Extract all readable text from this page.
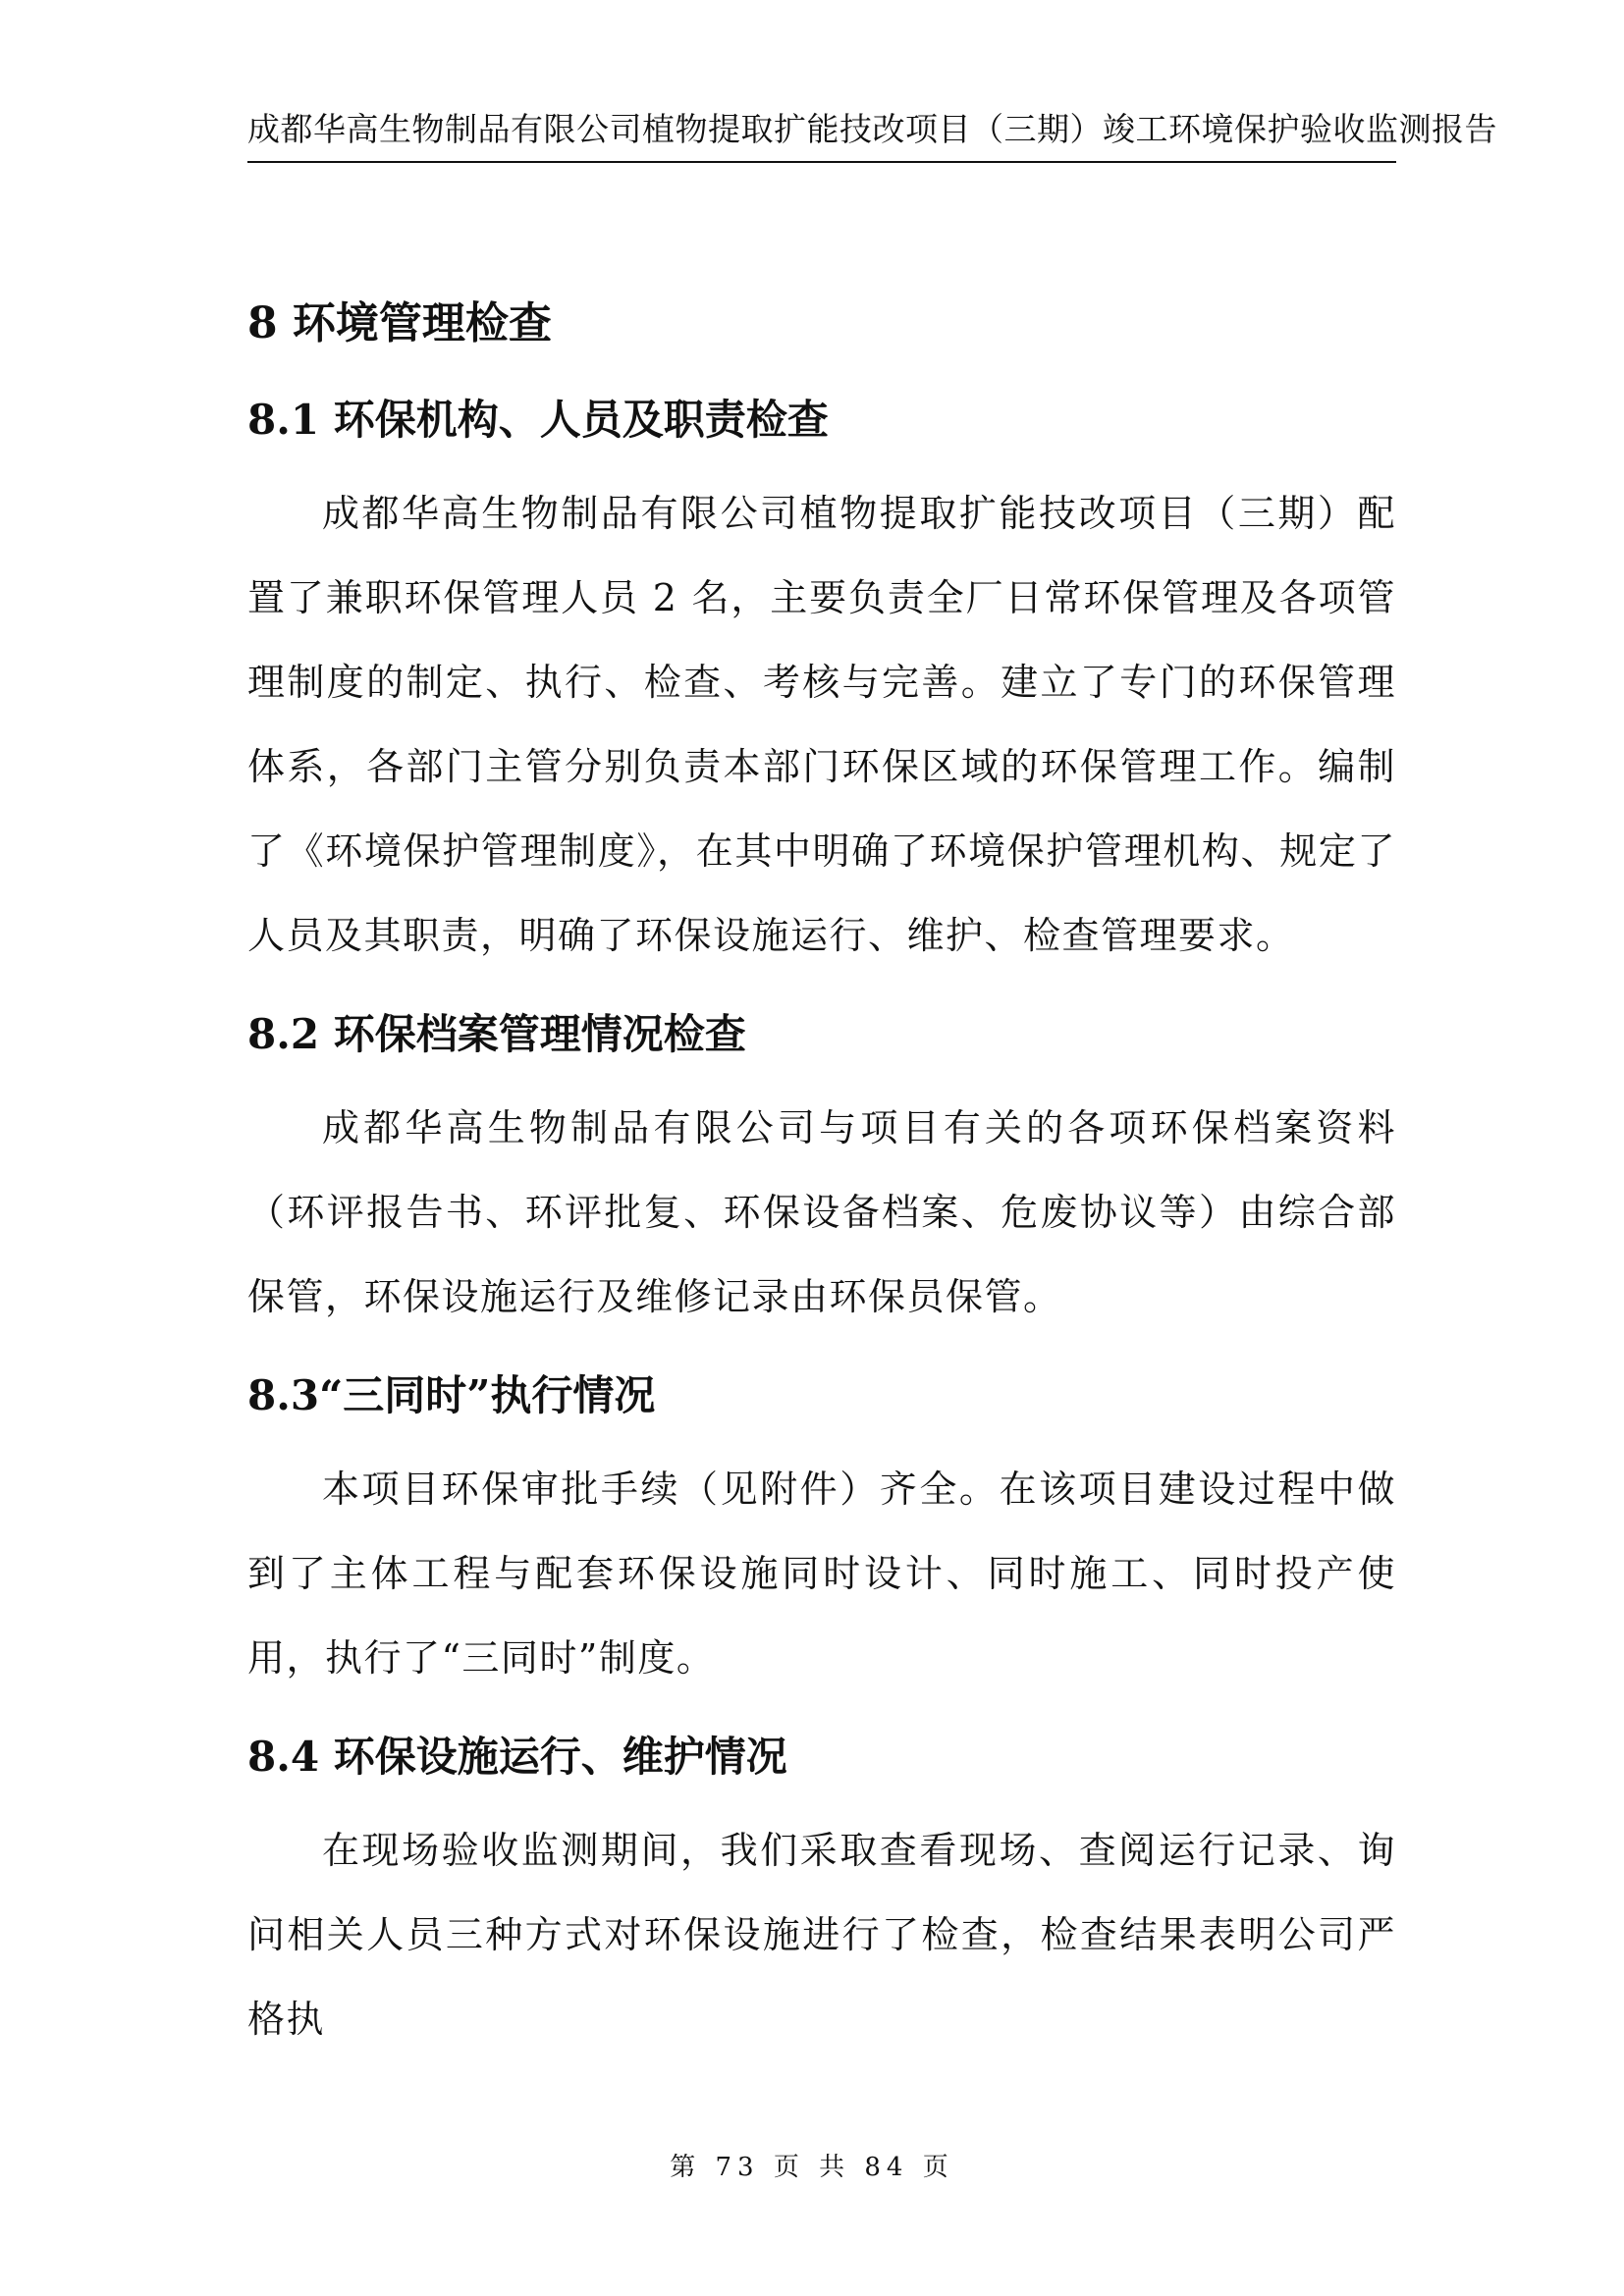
成都华高生物制品有限公司植物提取扩能技改项目（三期）竣工环境保护验收监测报告
8 环境管理检查
8.1 环保机构、人员及职责检查

成都华高生物制品有限公司植物提取扩能技改项目（三期）配置了兼职环保管理人员 2 名，主要负责全厂日常环保管理及各项管理制度的制定、执行、检查、考核与完善。建立了专门的环保管理体系，各部门主管分别负责本部门环保区域的环保管理工作。编制了《环境保护管理制度》，在其中明确了环境保护管理机构、规定了人员及其职责，明确了环保设施运行、维护、检查管理要求。

8.2 环保档案管理情况检查

成都华高生物制品有限公司与项目有关的各项环保档案资料（环评报告书、环评批复、环保设备档案、危废协议等）由综合部保管，环保设施运行及维修记录由环保员保管。

8.3“三同时”执行情况

本项目环保审批手续（见附件）齐全。在该项目建设过程中做到了主体工程与配套环保设施同时设计、同时施工、同时投产使用，执行了“三同时”制度。

8.4 环保设施运行、维护情况

在现场验收监测期间，我们采取查看现场、查阅运行记录、询问相关人员三种方式对环保设施进行了检查，检查结果表明公司严格执

第 73 页 共 84 页
